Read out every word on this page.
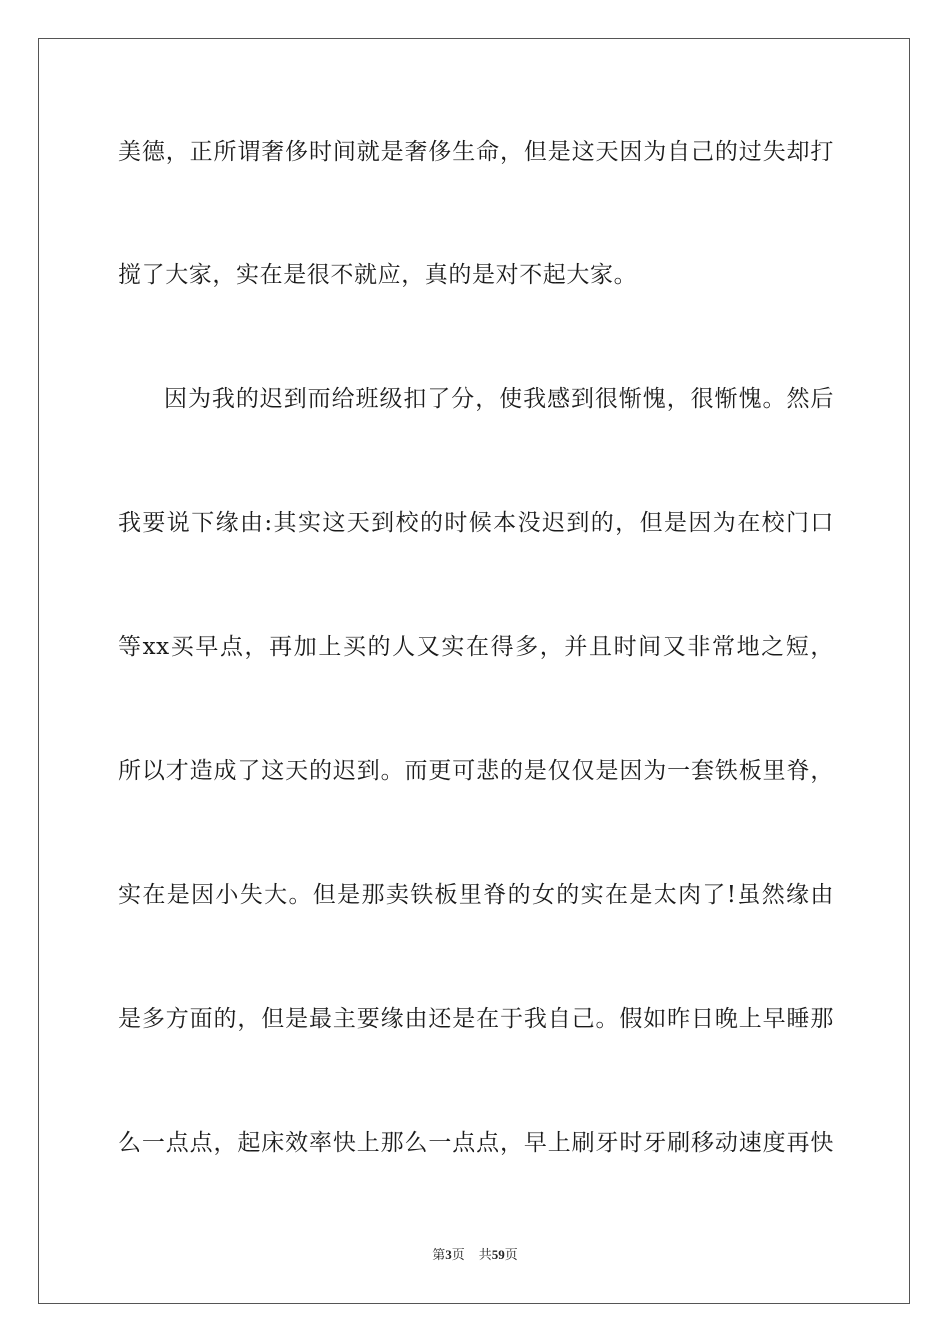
美德，正所谓奢侈时间就是奢侈生命，但是这天因为自己的过失却打
搅了大家，实在是很不就应，真的是对不起大家。
因为我的迟到而给班级扣了分，使我感到很惭愧，很惭愧。然后
我要说下缘由:其实这天到校的时候本没迟到的，但是因为在校门口
等xx买早点，再加上买的人又实在得多，并且时间又非常地之短，
所以才造成了这天的迟到。而更可悲的是仅仅是因为一套铁板里脊，
实在是因小失大。但是那卖铁板里脊的女的实在是太肉了!虽然缘由
是多方面的，但是最主要缘由还是在于我自己。假如昨日晚上早睡那
么一点点，起床效率快上那么一点点，早上刷牙时牙刷移动速度再快
第3页 共59页
